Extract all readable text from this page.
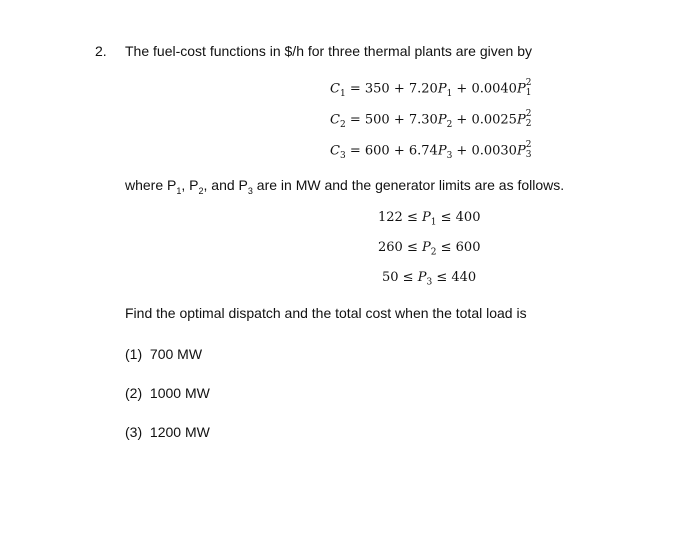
2. The fuel-cost functions in $/h for three thermal plants are given by
$C_1 = 350 + 7.20P_1 + 0.0040P$ 2
1
$C_2 = 500 + 7.30P_2 + 0.0025P$ 2
2
$C_3 = 600 + 6.74P_3 + 0.0030P$ 2
3
where $P_1$, $P_2$, and $P_3$ are in MW and the generator limits are as follows.
$122 \le P_1 \le 400$
$260 \le P_2 \le 600$
$50 \le P_3 \le 440$
Find the optimal dispatch and the total cost when the total load is
(1) 700 MW
(2) 1000 MW
(3) 1200 MW
